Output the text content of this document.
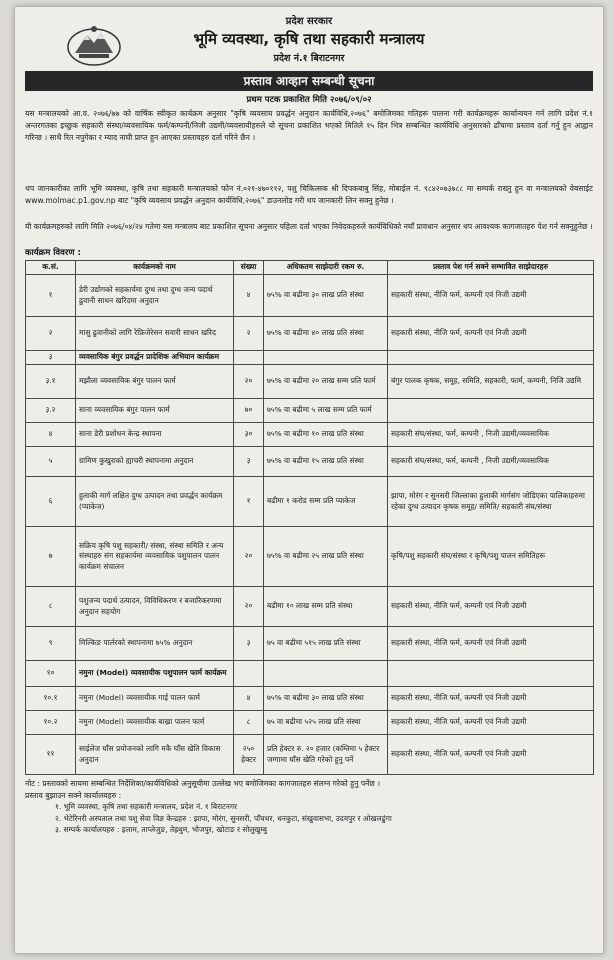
प्रदेश सरकार
भूमि व्यवस्था, कृषि तथा सहकारी मन्त्रालय
प्रदेश नं.१ बिराटनगर
प्रस्ताव आव्हान सम्बन्धी सूचना
प्रथम पटक प्रकाशित मिति २०७६/०९/०२

यस मन्त्रालयको आ.व. २०७६/७७ को वार्षिक स्वीकृत कार्यक्रम अनुसार "कृषि व्यवसाय प्रवर्द्धन अनुदान कार्यविधि,२०७६" बमोजिमका गतिहरू पालना गरी कार्यक्रमहरू कार्यान्वयन गर्न लागि प्रदेश नं.१ अन्तरगतका इच्छुक सहकारी संस्था/व्यवसायिक फर्म/कम्पनी/निजी उद्यमी/व्यवसायीहरुले यो सूचना प्रकाशित भएको मितिले १५ दिन भित्र सम्बन्धित कार्यविधि अनुसारको ढाँचामा प्रस्ताव दर्ता गर्नु हुन आह्वान गरिन्छ । साथै रित नपुगेका र म्याद नाघी प्राप्त हुन आएका प्रस्तावहरु दर्ता गरिने छैन ।

थप जानकारीका लागि भूमि व्यवस्था, कृषि तथा सहकारी मन्त्रालयको फोन नं.०२१-४७०११२, पशु चिकित्सक श्री दिपकबाबु सिंह, मोबाईल नं. ९८४२०७३७८८ मा सम्पर्क राख्नु हुन वा मन्त्रालयको वेबसाईट www.molmac.p1.gov.np बाट "कृषि व्यवसाय प्रवर्द्धन अनुदान कार्यविधि,२०७६" डाउनलोड गरी थप जानकारी लिन सक्नु हुनेछ ।

यी कार्यक्रमहरुको लागि मिति २०७६/०४/२४ गतेमा यस मन्त्रालय बाट प्रकाशित सूचना अनुसार पहिला दर्ता भएका निवेदकहरुले कार्यविधिको नयाँ प्रावधान अनुसार थप आवश्यक कागजातहरु पेश गर्न सक्नुहुनेछ ।

कार्यक्रम विवरण :
क.सं.	कार्यक्रमको नाम	संख्या	अधिकतम साझेदारी रकम रु.	प्रस्ताव पेश गर्न सक्ने सम्भावित साझेदारहरु
१	डेरी उद्योगको सहकार्यमा दुग्ध तथा दुग्ध जन्य पदार्थ ढुवानी साधन खरिदमा अनुदान	४	७५% वा बढीमा ३० लाख प्रति संस्था	सहकारी संस्था, नीजि फर्म, कम्पनी एवं निजी उद्यमी
२	मासु ढुवानीको लागि रेफ्रिजेरेसन सवारी साधन खरिद	२	७५% वा बढीमा ४० लाख प्रति संस्था	सहकारी संस्था, नीजि फर्म, कम्पनी एवं निजी उद्यमी
३	व्यवसायिक बंगुर प्रवर्द्धन प्रादेशिक अभियान कार्यक्रम			
३.१	मझौला व्यवसायिक बंगुर पालन फार्म	२०	७५% वा बढीमा २० लाख सम्म प्रति फार्म	बंगुर पालक कृषक, समूह, समिति, सहकारी, फार्म, कम्पनी, निजि उद्यमि
३.२	साना व्यवसायिक बंगुर पालन फार्म	७०	७५% वा बढीमा ५ लाख सम्म प्रति फार्म	
४	साना डेरी प्रशोधन केन्द्र स्थापना	३०	७५% वा बढीमा १० लाख प्रति संस्था	सहकारी संघ/संस्था, फर्म, कम्पनी , निजी उद्यमी/व्यवसायिक
५	ग्रामिण कुखुराको ह्याचरी स्थापनामा अनुदान	३	७५% वा बढीमा १५ लाख प्रति संस्था	सहकारी संघ/संस्था, फर्म, कम्पनी , निजी उद्यमी/व्यवसायिक
६	हुलाकी मार्ग लक्षित दुग्ध उत्पादन तथा प्रवर्द्धन कार्यक्रम (प्याकेज)	१	बढीमा १ करोड सम्म प्रति प्याकेज	झापा, मोरंग र सुनसरी जिल्लाका हुलाकी मार्गसंग जोडिएका पालिकाहरुमा रहेका दुग्ध उत्पादन कृषक समूह/ समिति/ सहकारी संघ/संस्था
७	सक्रिय कृषि पशु सहकारी/ संस्था, संस्था समिति र अन्य संस्थाहरु संग सहकार्यमा व्यवसायिक पशुपालन पालन कार्यक्रम संचालन	२०	७५% वा बढीमा २५ लाख प्रति संस्था	कृषि/पशु सहकारी संघ/संस्था र कृषि/पशु पालन समितिहरू
८	पशुजन्य पदार्थ उत्पादन, विविधिकरण र बजारिकरणमा अनुदान सहयोग	२०	बढीमा १० लाख सम्म प्रति संस्था	सहकारी संस्था, नीजि फर्म, कम्पनी एवं निजी उद्यमी
९	मिल्किङ पार्लरको स्थापनामा ७५% अनुदान	३	७५ वा बढीमा ५१५ लाख प्रति संस्था	सहकारी संस्था, नीजि फर्म, कम्पनी एवं निजी उद्यमी
१०	नमुना (Model) व्यवसायीक पशुपालन फार्म कार्यक्रम			
१०.१	नमुना (Model) व्यवसायीक गाई पालन फार्म	४	७५% वा बढीमा ३० लाख प्रति संस्था	सहकारी संस्था, नीजि फर्म, कम्पनी एवं निजी उद्यमी
१०.२	नमुना (Model) व्यवसायीक बाख्रा पालन फार्म	८	७५ वा बढीमा ५२५ लाख प्रति संस्था	सहकारी संस्था, नीजि फर्म, कम्पनी एवं निजी उद्यमी
११	साईलेज घाँस प्रयोजनको लागि मकै घाँस खेति विकास अनुदान	२५० हेक्टर	प्रति हेक्टर रु. २० हजार (कम्तिमा ५ हेक्टर जग्गामा घाँस खेति गरेको हुनु पर्ने	सहकारी संस्था, नीजि फर्म, कम्पनी एवं निजी उद्यमी
नोट : प्रस्तावको सायमा सम्बन्धित निर्देशिका/कार्यविधिको अनुसूचीमा उल्लेख भए बमोजिमका कागजातहरु संलग्न गरेको हुनु पर्नेछ ।
प्रस्ताव बुझाउन सक्ने कार्यालयहरु :
१. भूमि व्यवस्था, कृषि तथा सहकारी मन्त्रालय, प्रदेश नं. १ बिराटनगर
२. भेटेरिनरी अस्पताल तथा पशु सेवा विज्ञ केन्द्रहरु : झापा, मोरंग, सुनसरी, पाँचथर, धनकुटा, संखुवासभा, उदयपुर र ओखलढुंगा
३. सम्पर्क कार्यालयहरु : इलाम, ताप्लेजुङ, तेह्रथुम, भोजपुर, खोटाङ र सोलुखुम्बु
